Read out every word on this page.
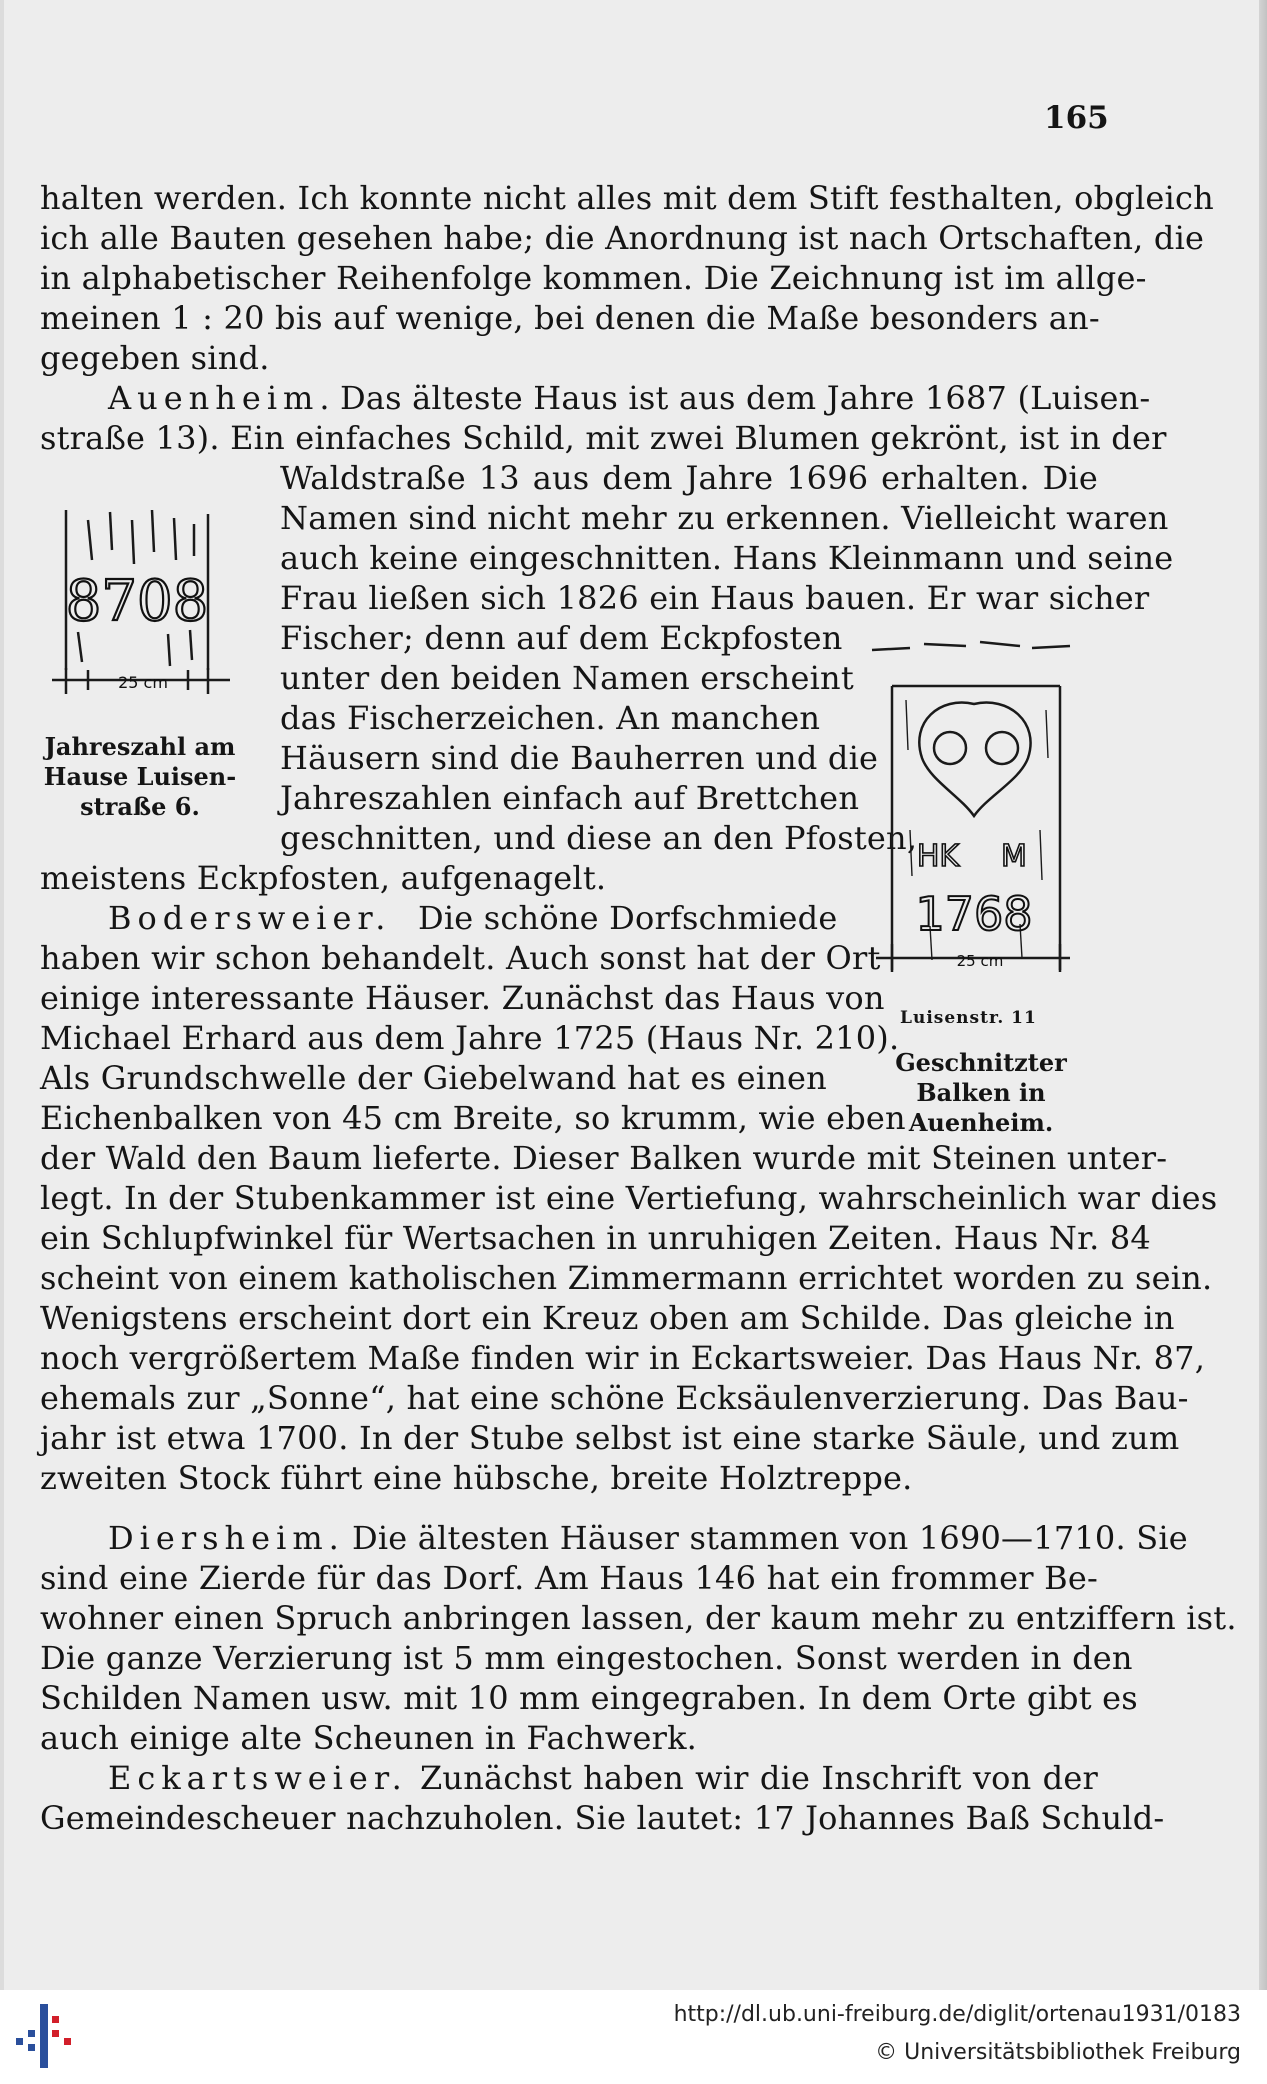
165
halten werden. Ich konnte nicht alles mit dem Stift festhalten, obgleich
ich alle Bauten gesehen habe; die Anordnung ist nach Ortschaften, die
in alphabetischer Reihenfolge kommen. Die Zeichnung ist im allge-
meinen 1 : 20 bis auf wenige, bei denen die Maße besonders an-
gegeben sind.
Auenheim. Das älteste Haus ist aus dem Jahre 1687 (Luisen-
straße 13). Ein einfaches Schild, mit zwei Blumen gekrönt, ist in der
Waldstraße 13 aus dem Jahre 1696 erhalten. Die
Namen sind nicht mehr zu erkennen. Vielleicht waren
auch keine eingeschnitten. Hans Kleinmann und seine
Frau ließen sich 1826 ein Haus bauen. Er war sicher
Fischer; denn auf dem Eckpfosten
unter den beiden Namen erscheint
das Fischerzeichen. An manchen
Häusern sind die Bauherren und die
Jahreszahlen einfach auf Brettchen
geschnitten, und diese an den Pfosten,
meistens Eckpfosten, aufgenagelt.
Bodersweier. Die schöne Dorfschmiede
haben wir schon behandelt. Auch sonst hat der Ort
einige interessante Häuser. Zunächst das Haus von
Michael Erhard aus dem Jahre 1725 (Haus Nr. 210).
Als Grundschwelle der Giebelwand hat es einen
Eichenbalken von 45 cm Breite, so krumm, wie eben
der Wald den Baum lieferte. Dieser Balken wurde mit Steinen unter-
legt. In der Stubenkammer ist eine Vertiefung, wahrscheinlich war dies
ein Schlupfwinkel für Wertsachen in unruhigen Zeiten. Haus Nr. 84
scheint von einem katholischen Zimmermann errichtet worden zu sein.
Wenigstens erscheint dort ein Kreuz oben am Schilde. Das gleiche in
noch vergrößertem Maße finden wir in Eckartsweier. Das Haus Nr. 87,
ehemals zur „Sonne“, hat eine schöne Ecksäulenverzierung. Das Bau-
jahr ist etwa 1700. In der Stube selbst ist eine starke Säule, und zum
zweiten Stock führt eine hübsche, breite Holztreppe.
Diersheim. Die ältesten Häuser stammen von 1690—1710. Sie
sind eine Zierde für das Dorf. Am Haus 146 hat ein frommer Be-
wohner einen Spruch anbringen lassen, der kaum mehr zu entziffern ist.
Die ganze Verzierung ist 5 mm eingestochen. Sonst werden in den
Schilden Namen usw. mit 10 mm eingegraben. In dem Orte gibt es
auch einige alte Scheunen in Fachwerk.
Eckartsweier. Zunächst haben wir die Inschrift von der
Gemeindescheuer nachzuholen. Sie lautet: 17 Johannes Baß Schuld-
8708
25 cm
Jahreszahl am Hause Luisen-straße 6.
HK M
1768
25 cm
Luisenstr. 11
Geschnitzter Balken in Auenheim.
http://dl.ub.uni-freiburg.de/diglit/ortenau1931/0183
© Universitätsbibliothek Freiburg
